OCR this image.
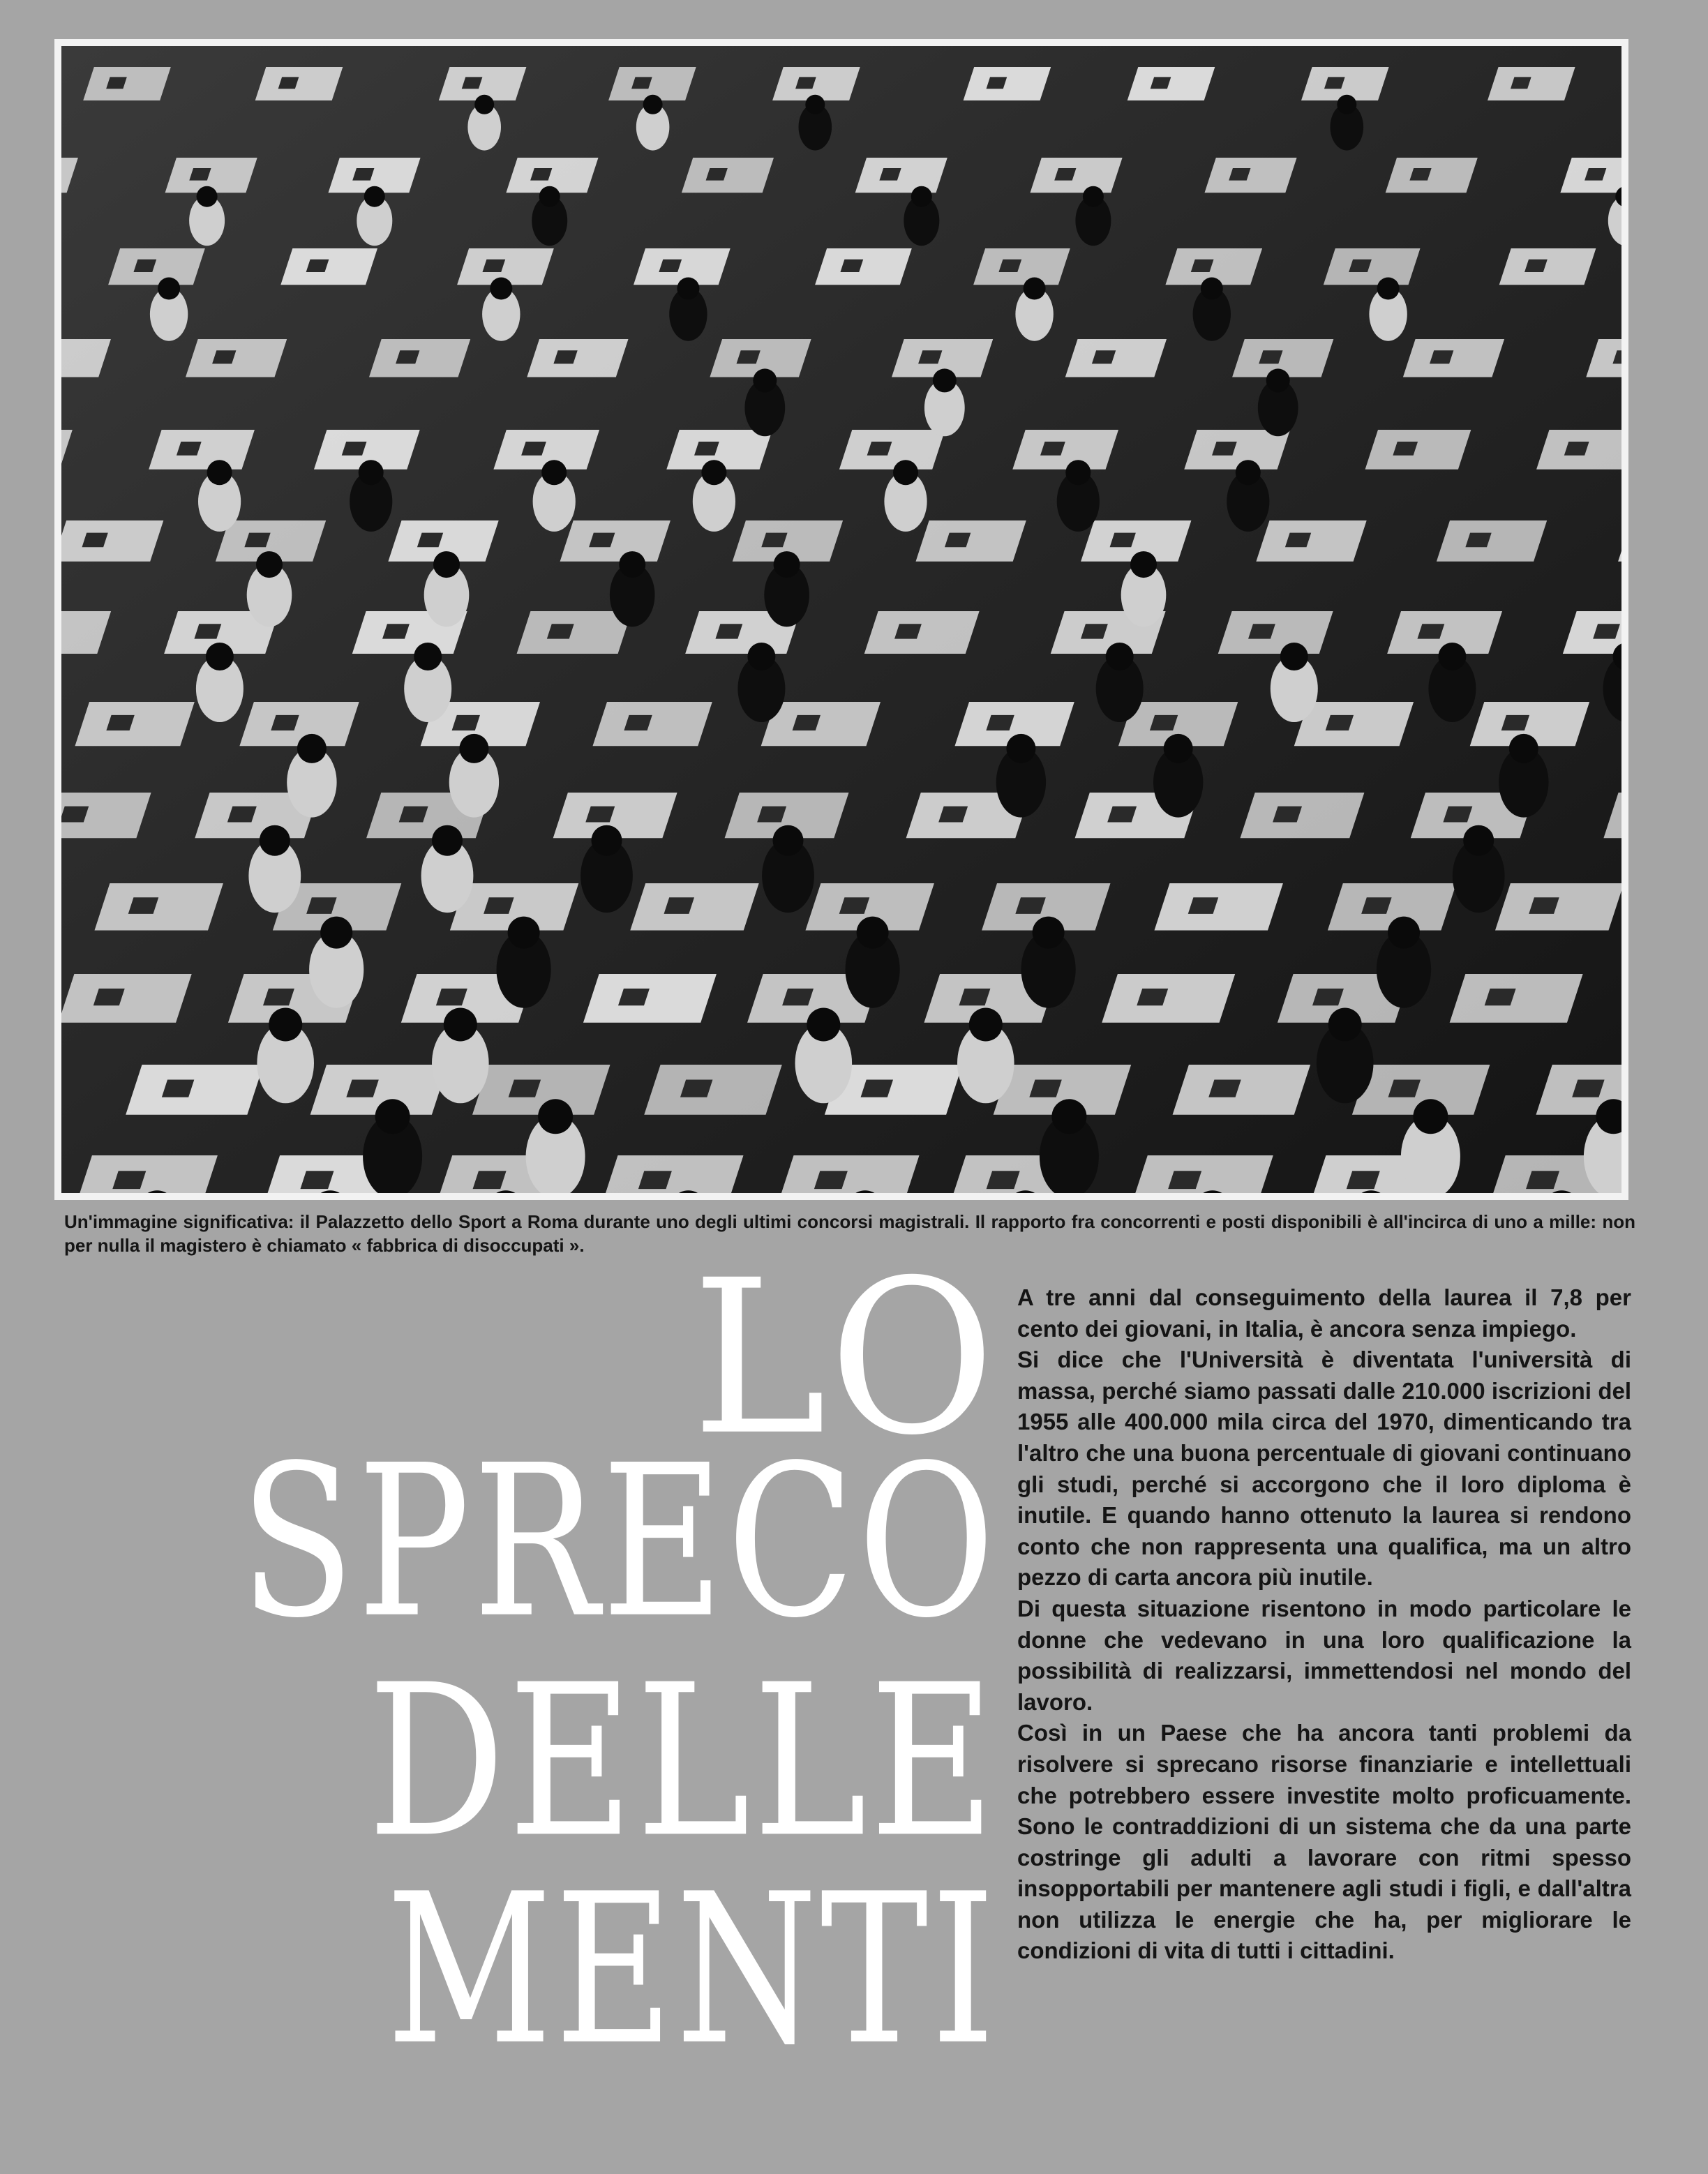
Un'immagine significativa: il Palazzetto dello Sport a Roma durante uno degli ultimi concorsi magistrali. Il rapporto fra concorrenti e posti disponibili è all'incirca di uno a mille: non per nulla il magistero è chiamato « fabbrica di disoccupati ». LO
SPRECO
DELLE
MENTI

A tre anni dal conseguimento della laurea il 7,8 per cento dei giovani, in Italia, è ancora senza impiego.

Si dice che l'Università è diventata l'università di massa, perché siamo passati dalle 210.000 iscrizioni del 1955 alle 400.000 mila circa del 1970, dimenticando tra l'altro che una buona percentuale di giovani continuano gli studi, perché si accorgono che il loro diploma è inutile. E quando hanno ottenuto la laurea si rendono conto che non rappresenta una qualifica, ma un altro pezzo di carta ancora più inutile.

Di questa situazione risentono in modo particolare le donne che vedevano in una loro qualificazione la possibilità di realizzarsi, immettendosi nel mondo del lavoro.

Così in un Paese che ha ancora tanti problemi da risolvere si sprecano risorse finanziarie e intellettuali che potrebbero essere investite molto proficuamente. Sono le contraddizioni di un sistema che da una parte costringe gli adulti a lavorare con ritmi spesso insopportabili per mantenere agli studi i figli, e dall'altra non utilizza le energie che ha, per migliorare le condizioni di vita di tutti i cittadini.
